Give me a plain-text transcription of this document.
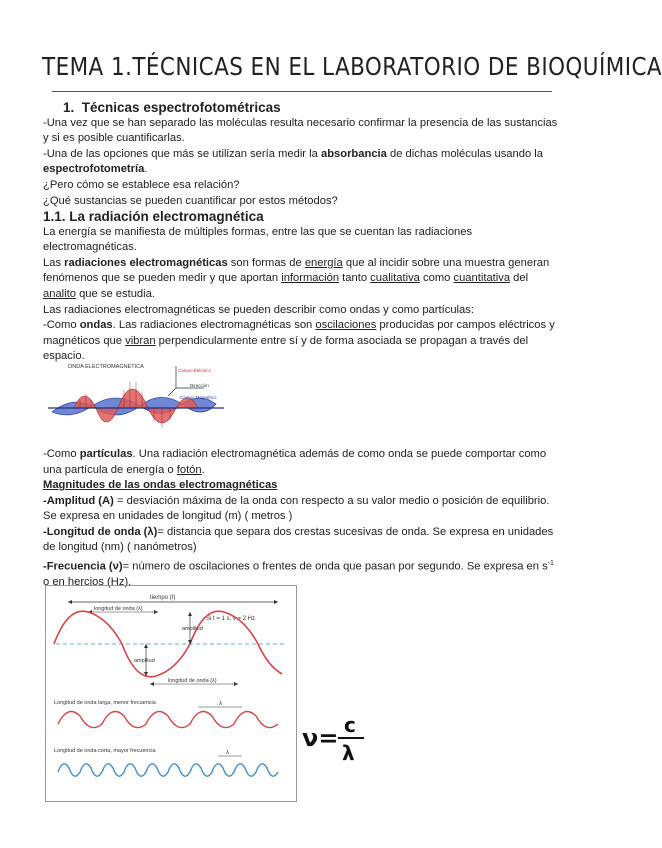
TEMA 1.TÉCNICAS EN EL LABORATORIO DE BIOQUÍMICA

1. Técnicas espectrofotométricas

-Una vez que se han separado las moléculas resulta necesario confirmar la presencia de las sustancias y si es posible cuantificarlas.

-Una de las opciones que más se utilizan sería medir la absorbancia de dichas moléculas usando la espectrofotometría.

¿Pero cómo se establece esa relación?

¿Qué sustancias se pueden cuantificar por estos métodos?

1.1. La radiación electromagnética

La energía se manifiesta de múltiples formas, entre las que se cuentan las radiaciones electromagnéticas.

Las radiaciones electromagnéticas son formas de energía que al incidir sobre una muestra generan fenómenos que se pueden medir y que aportan información tanto cualitativa como cuantitativa del analito que se estudia.

Las radiaciones electromagnéticas se pueden describir como ondas y como partículas:

-Como ondas. Las radiaciones electromagnéticas son oscilaciones producidas por campos eléctricos y magnéticos que vibran perpendicularmente entre sí y de forma asociada se propagan a través del espacio.

ONDA ELECTROMAGNÉTICA
Campo Eléctrico
Dirección
Campo Magnético

-Como partículas. Una radiación electromagnética además de como onda se puede comportar como una partícula de energía o fotón.

Magnitudes de las ondas electromagnéticas

-Amplitud (A) = desviación máxima de la onda con respecto a su valor medio o posición de equilibrio. Se expresa en unidades de longitud (m) ( metros )

-Longitud de onda (λ)= distancia que separa dos crestas sucesivas de onda. Se expresa en unidades de longitud (nm) ( nanómetros)

-Frecuencia (ν)= número de oscilaciones o frentes de onda que pasan por segundo. Se expresa en $s^{-1}$ o en hercios (Hz).

tiempo (t)
longitud de onda (λ)
Si t = 1 s, ν = 2 Hz
amplitud
amplitud
longitud de onda (λ)
Longitud de onda larga, menor frecuencia	λ
Longitud de onda corta, mayor frecuencia	λ
ν= c
λ
